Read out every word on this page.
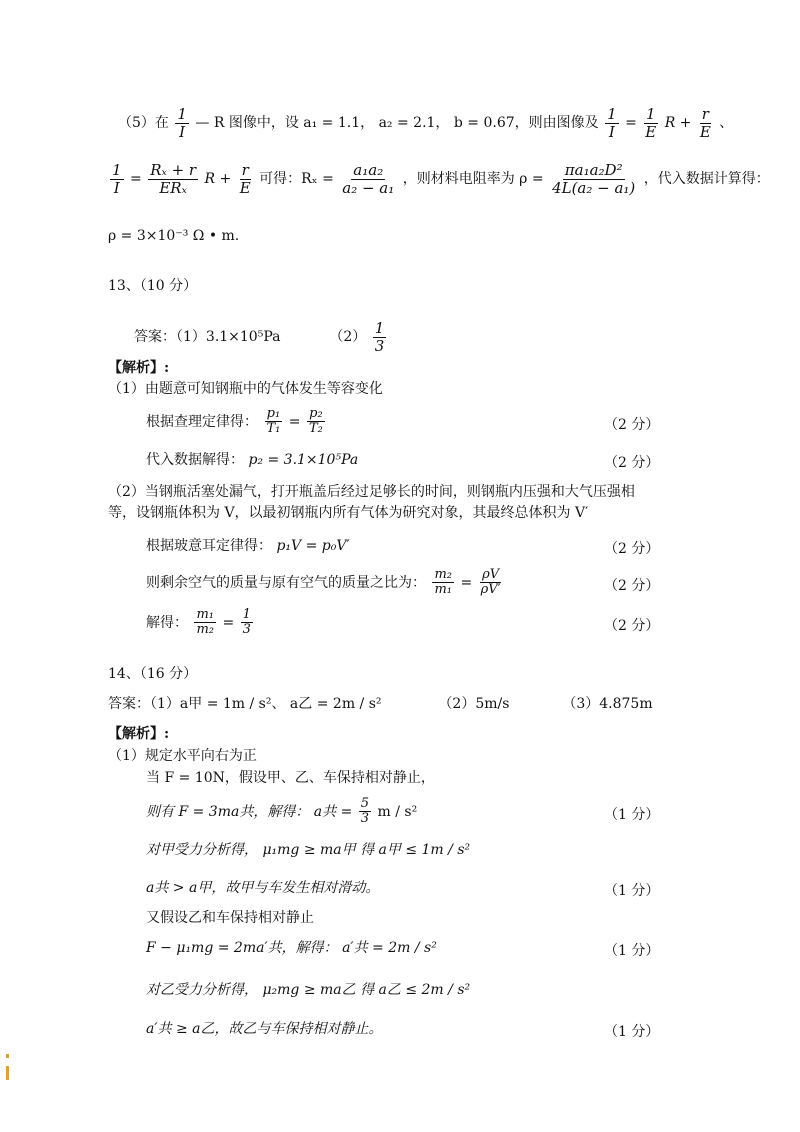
（5）在 $\frac{1}{I}$ — R 图像中，设 a₁ = 1.1， a₂ = 2.1， b = 0.67，则由图像及 $\frac{1}{I} = \frac{1}{E}$ $R + \frac{r}{E}$ 、
$\frac{1}{I} = \frac{\text{Rₓ + r}}{\text{ERₓ}}$ $R + \frac{r}{E}$ 可得：$R_x = \frac{\text{a₁a₂}}{\text{a₂ − a₁}}$ ，则材料电阻率为 $\rho = \frac{\text{πa₁a₂D²}}{\text{4L(a₂ − a₁)}}$ ，代入数据计算得：
ρ = 3×10⁻³ Ω • m.
13、（10 分）
答案：（1）3.1×10⁵Pa	$(2) \frac{1}{3}$
【解析】:
（1）由题意可知钢瓶中的气体发生等容变化
根据查理定律得： $\frac{\text{p₁}}{\text{T₁}} = \frac{\text{p₂}}{\text{T₂}}$	（2 分）
代入数据解得： p₂ = 3.1×10⁵Pa	（2 分）
（2）当钢瓶活塞处漏气，打开瓶盖后经过足够长的时间，则钢瓶内压强和大气压强相
等，设钢瓶体积为 V，以最初钢瓶内所有气体为研究对象，其最终总体积为 V′
根据玻意耳定律得： p₁V = p₀V′	（2 分）
则剩余空气的质量与原有空气的质量之比为： $\frac{\text{m₂}}{\text{m₁}} = \frac{\rho V}{\rho V'}$	（2 分）
解得： $\frac{\text{m₁}}{\text{m₂}} = \frac{1}{3}$	（2 分）
14、（16 分）
答案：（1）a甲 = 1m / s²、 a乙 = 2m / s²	（2）5m/s	（3）4.875m
【解析】:
（1）规定水平向右为正
当 F = 10N，假设甲、乙、车保持相对静止，
则有 F = 3ma共，解得： a共 = $\frac{5}{3}$ m / s²	（1 分）
对甲受力分析得， μ₁mg ≥ ma甲 得 a甲 ≤ 1m / s²
a共 > a甲，故甲与车发生相对滑动。	（1 分）
又假设乙和车保持相对静止
F − μ₁mg = 2ma′共，解得： a′共 = 2m / s²	（1 分）
对乙受力分析得， μ₂mg ≥ ma乙 得 a乙 ≤ 2m / s²
a′共 ≥ a乙，故乙与车保持相对静止。	（1 分）
